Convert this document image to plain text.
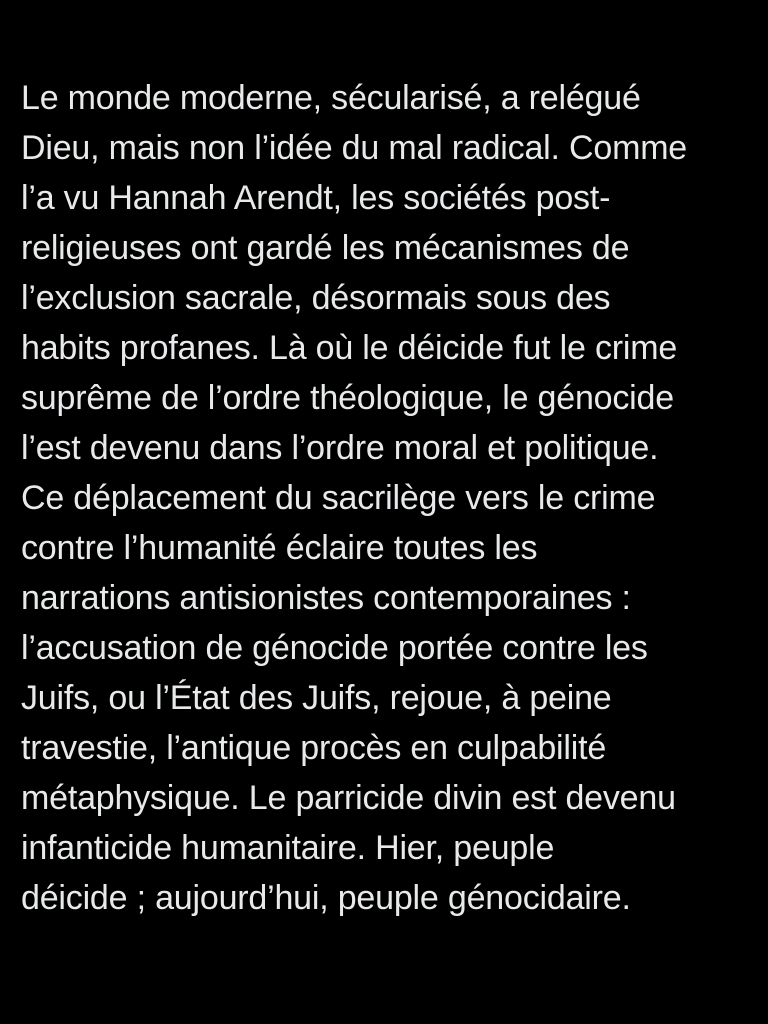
Le monde moderne, sécularisé, a relégué
Dieu, mais non l’idée du mal radical. Comme
l’a vu Hannah Arendt, les sociétés post-
religieuses ont gardé les mécanismes de
l’exclusion sacrale, désormais sous des
habits profanes. Là où le déicide fut le crime
suprême de l’ordre théologique, le génocide
l’est devenu dans l’ordre moral et politique.
Ce déplacement du sacrilège vers le crime
contre l’humanité éclaire toutes les
narrations antisionistes contemporaines :
l’accusation de génocide portée contre les
Juifs, ou l’État des Juifs, rejoue, à peine
travestie, l’antique procès en culpabilité
métaphysique. Le parricide divin est devenu
infanticide humanitaire. Hier, peuple
déicide ; aujourd’hui, peuple génocidaire.
